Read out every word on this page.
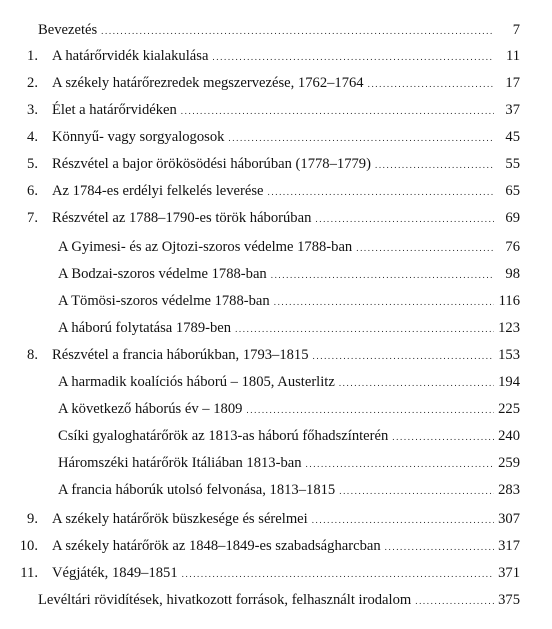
Bevezetés .....	7
1. A határőrvidék kialakulása .....	11
2. A székely határőrezredek megszervezése, 1762–1764 .....	17
3. Élet a határőrvidéken .....	37
4. Könnyű- vagy sorgyalogosok .....	45
5. Részvétel a bajor örökösödési háborúban (1778–1779) .....	55
6. Az 1784-es erdélyi felkelés leverése .....	65
7. Részvétel az 1788–1790-es török háborúban .....	69
A Gyimesi- és az Ojtozi-szoros védelme 1788-ban .....	76
A Bodzai-szoros védelme 1788-ban .....	98
A Tömösi-szoros védelme 1788-ban .....	116
A háború folytatása 1789-ben .....	123
8. Részvétel a francia háborúkban, 1793–1815 .....	153
A harmadik koalíciós háború – 1805, Austerlitz .....	194
A következő háborús év – 1809 .....	225
Csíki gyaloghatárőrök az 1813-as háború főhadszínterén .....	240
Háromszéki határőrök Itáliában 1813-ban .....	259
A francia háborúk utolsó felvonása, 1813–1815 .....	283
9. A székely határőrök büszkesége és sérelmei .....	307
10. A székely határőrök az 1848–1849-es szabadságharcban .....	317
11. Végjáték, 1849–1851 .....	371
Levéltári rövidítések, hivatkozott források, felhasznált irodalom .....	375
